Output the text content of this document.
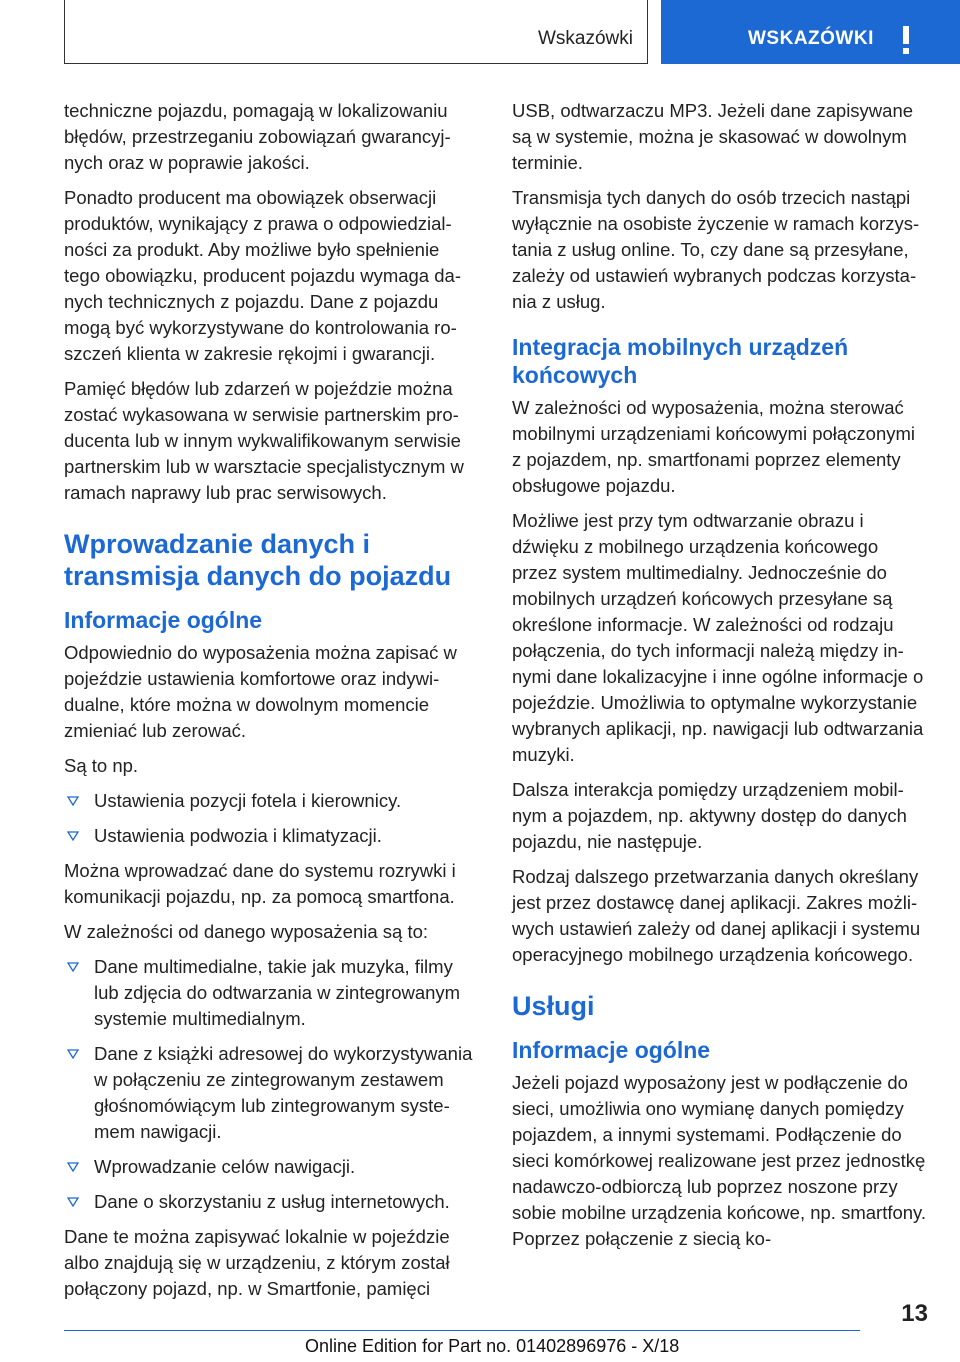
Wskazówki	WSKAZÓWKI

techniczne pojazdu, pomagają w lokalizowaniu błędów, przestrzeganiu zobowiązań gwarancyjnych oraz w poprawie jakości.

Ponadto producent ma obowiązek obserwacji produktów, wynikający z prawa o odpowiedzialności za produkt. Aby możliwe było spełnienie tego obowiązku, producent pojazdu wymaga danych technicznych z pojazdu. Dane z pojazdu mogą być wykorzystywane do kontrolowania roszczeń klienta w zakresie rękojmi i gwarancji.

Pamięć błędów lub zdarzeń w pojeździe można zostać wykasowana w serwisie partnerskim producenta lub w innym wykwalifikowanym serwisie partnerskim lub w warsztacie specjalistycznym w ramach naprawy lub prac serwisowych.

Wprowadzanie danych i transmisja danych do pojazdu
Informacje ogólne

Odpowiednio do wyposażenia można zapisać w pojeździe ustawienia komfortowe oraz indywidualne, które można w dowolnym momencie zmieniać lub zerować.

Są to np.

Ustawienia pozycji fotela i kierownicy.
Ustawienia podwozia i klimatyzacji.

Można wprowadzać dane do systemu rozrywki i komunikacji pojazdu, np. za pomocą smartfona.

W zależności od danego wyposażenia są to:

Dane multimedialne, takie jak muzyka, filmy lub zdjęcia do odtwarzania w zintegrowanym systemie multimedialnym.
Dane z książki adresowej do wykorzystywania w połączeniu ze zintegrowanym zestawem głośnomówiącym lub zintegrowanym systemem nawigacji.
Wprowadzanie celów nawigacji.
Dane o skorzystaniu z usług internetowych.

Dane te można zapisywać lokalnie w pojeździe albo znajdują się w urządzeniu, z którym został połączony pojazd, np. w Smartfonie, pamięci

USB, odtwarzaczu MP3. Jeżeli dane zapisywane są w systemie, można je skasować w dowolnym terminie.

Transmisja tych danych do osób trzecich nastąpi wyłącznie na osobiste życzenie w ramach korzystania z usług online. To, czy dane są przesyłane, zależy od ustawień wybranych podczas korzystania z usług.

Integracja mobilnych urządzeń końcowych

W zależności od wyposażenia, można sterować mobilnymi urządzeniami końcowymi połączonymi z pojazdem, np. smartfonami poprzez elementy obsługowe pojazdu.

Możliwe jest przy tym odtwarzanie obrazu i dźwięku z mobilnego urządzenia końcowego przez system multimedialny. Jednocześnie do mobilnych urządzeń końcowych przesyłane są określone informacje. W zależności od rodzaju połączenia, do tych informacji należą między innymi dane lokalizacyjne i inne ogólne informacje o pojeździe. Umożliwia to optymalne wykorzystanie wybranych aplikacji, np. nawigacji lub odtwarzania muzyki.

Dalsza interakcja pomiędzy urządzeniem mobilnym a pojazdem, np. aktywny dostęp do danych pojazdu, nie następuje.

Rodzaj dalszego przetwarzania danych określany jest przez dostawcę danej aplikacji. Zakres możliwych ustawień zależy od danej aplikacji i systemu operacyjnego mobilnego urządzenia końcowego.

Usługi
Informacje ogólne

Jeżeli pojazd wyposażony jest w podłączenie do sieci, umożliwia ono wymianę danych pomiędzy pojazdem, a innymi systemami. Podłączenie do sieci komórkowej realizowane jest przez jednostkę nadawczo-odbiorczą lub poprzez noszone przy sobie mobilne urządzenia końcowe, np. smartfony. Poprzez połączenie z siecią ko-

13
Online Edition for Part no. 01402896976 - X/18
